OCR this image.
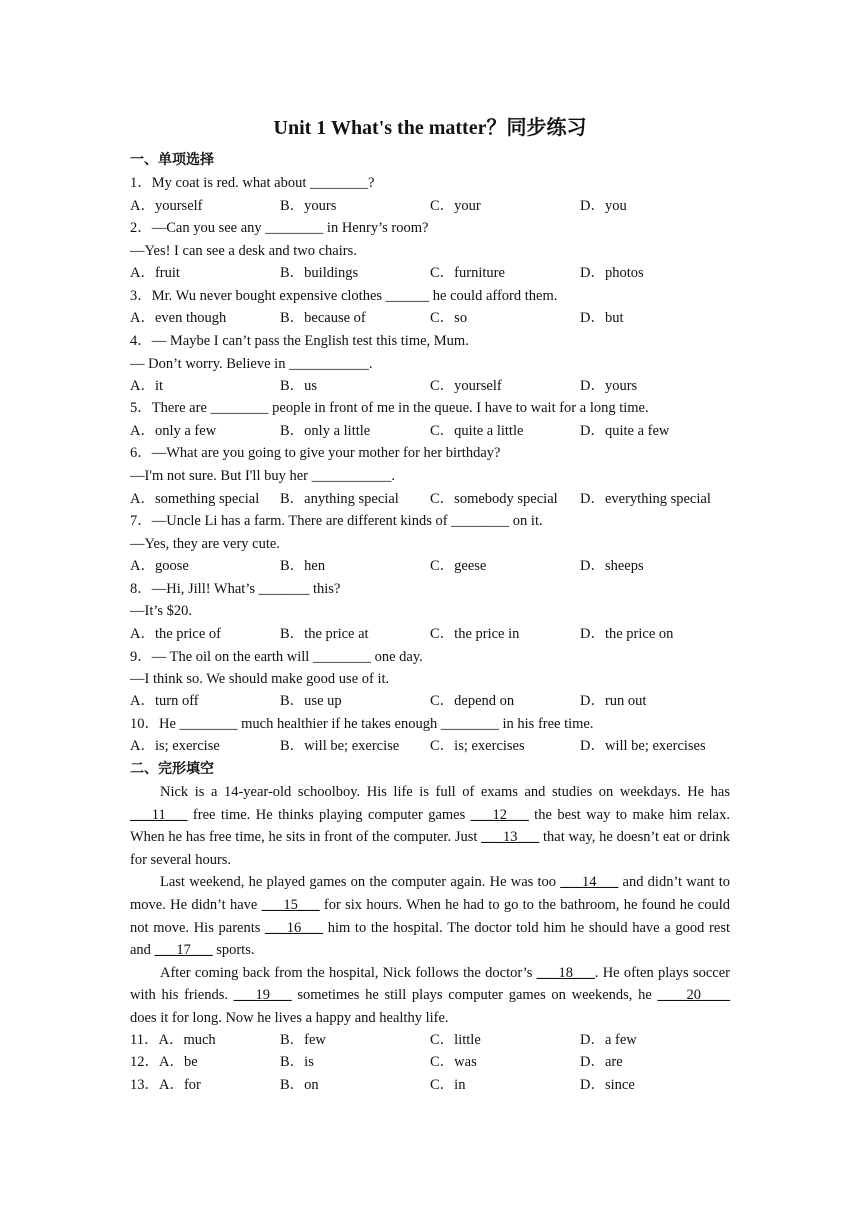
Unit 1 What's the matter？同步练习
一、单项选择
1．My coat is red. what about ________?
A．yourself	B．yours	C．your	D．you
2．—Can you see any ________ in Henry’s room?
—Yes! I can see a desk and two chairs.
A．fruit	B．buildings	C．furniture	D．photos
3．Mr. Wu never bought expensive clothes ______ he could afford them.
A．even though	B．because of	C．so	D．but
4．— Maybe I can’t pass the English test this time, Mum.
— Don’t worry. Believe in ___________.
A．it	B．us	C．yourself	D．yours
5．There are ________ people in front of me in the queue. I have to wait for a long time.
A．only a few	B．only a little	C．quite a little	D．quite a few
6．—What are you going to give your mother for her birthday?
—I'm not sure. But I'll buy her ___________.
A．something special B．anything special C．somebody special D．everything special
7．—Uncle Li has a farm. There are different kinds of ________ on it.
—Yes, they are very cute.
A．goose	B．hen	C．geese	D．sheeps
8．—Hi, Jill! What’s _______ this?
—It’s $20.
A．the price of	B．the price at	C．the price in	D．the price on
9．— The oil on the earth will ________ one day.
—I think so. We should make good use of it.
A．turn off	B．use up	C．depend on	D．run out
10．He ________ much healthier if he takes enough ________ in his free time.
A．is; exercise	B．will be; exercise C．is; exercises	D．will be; exercises
二、完形填空

Nick is a 14-year-old schoolboy. His life is full of exams and studies on weekdays. He has ___11___ free time. He thinks playing computer games ___12___ the best way to make him relax. When he has free time, he sits in front of the computer. Just ___13___ that way, he doesn’t eat or drink for several hours.

Last weekend, he played games on the computer again. He was too ___14___ and didn’t want to move. He didn’t have ___15___ for six hours. When he had to go to the bathroom, he found he could not move. His parents ___16___ him to the hospital. The doctor told him he should have a good rest and ___17___ sports.

After coming back from the hospital, Nick follows the doctor’s ___18___. He often plays soccer with his friends. ___19___ sometimes he still plays computer games on weekends, he ____20____ does it for long. Now he lives a happy and healthy life.

11．A．much	B．few	C．little	D．a few
12．A．be	B．is	C．was	D．are
13．A．for	B．on	C．in	D．since
